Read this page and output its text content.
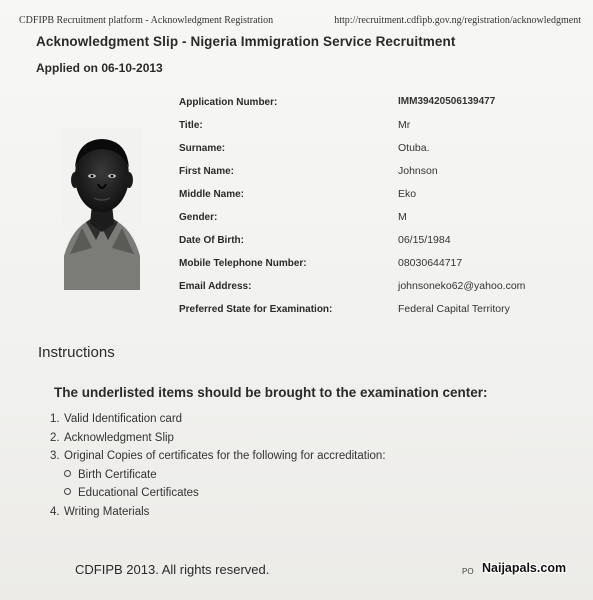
CDFIPB Recruitment platform - Acknowledgment Registration	http://recruitment.cdfipb.gov.ng/registration/acknowledgment
Acknowledgment Slip - Nigeria Immigration Service Recruitment
Applied on 06-10-2013
Application Number:	IMM39420506139477
Title:	Mr
Surname:	Otuba.
First Name:	Johnson
Middle Name:	Eko
Gender:	M
Date Of Birth:	06/15/1984
Mobile Telephone Number:	08030644717
Email Address:	johnsoneko62@yahoo.com
Preferred State for Examination:	Federal Capital Territory
Instructions
The underlisted items should be brought to the examination center:
1. Valid Identification card
2. Acknowledgment Slip
3. Original Copies of certificates for the following for accreditation:
Birth Certificate
Educational Certificates
4. Writing Materials
CDFIPB 2013. All rights reserved.	PO Naijapals.com
